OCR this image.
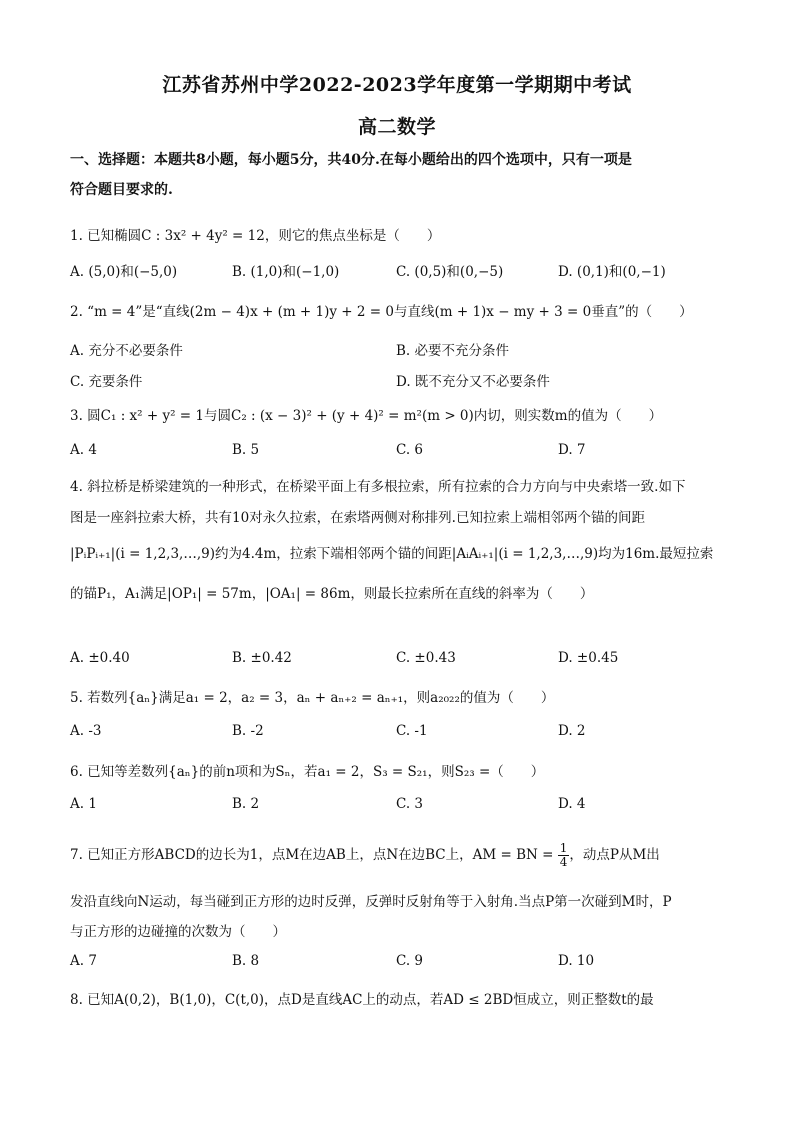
江苏省苏州中学2022-2023学年度第一学期期中考试
高二数学
一、选择题：本题共8小题，每小题5分，共40分.在每小题给出的四个选项中，只有一项是
符合题目要求的.
1. 已知椭圆C : 3x² + 4y² = 12，则它的焦点坐标是（　　）
A. (5,0)和(−5,0)	B. (1,0)和(−1,0)	C. (0,5)和(0,−5)	D. (0,1)和(0,−1)
2. “m = 4”是“直线(2m − 4)x + (m + 1)y + 2 = 0与直线(m + 1)x − my + 3 = 0垂直”的（　　）
A. 充分不必要条件	B. 必要不充分条件
C. 充要条件	D. 既不充分又不必要条件
3. 圆C₁ : x² + y² = 1与圆C₂ : (x − 3)² + (y + 4)² = m²(m > 0)内切，则实数m的值为（　　）
A. 4	B. 5	C. 6	D. 7
4. 斜拉桥是桥梁建筑的一种形式，在桥梁平面上有多根拉索，所有拉索的合力方向与中央索塔一致.如下
图是一座斜拉索大桥，共有10对永久拉索，在索塔两侧对称排列.已知拉索上端相邻两个锚的间距
|PᵢPᵢ₊₁|(i = 1,2,3,…,9)约为4.4m，拉索下端相邻两个锚的间距|AᵢAᵢ₊₁|(i = 1,2,3,…,9)均为16m.最短拉索
的锚P₁，A₁满足|OP₁| = 57m，|OA₁| = 86m，则最长拉索所在直线的斜率为（　　）
A. ±0.40	B. ±0.42	C. ±0.43	D. ±0.45
5. 若数列{aₙ}满足a₁ = 2，a₂ = 3，aₙ + aₙ₊₂ = aₙ₊₁，则a₂₀₂₂的值为（　　）
A. -3	B. -2	C. -1	D. 2
6. 已知等差数列{aₙ}的前n项和为Sₙ，若a₁ = 2，S₃ = S₂₁，则S₂₃ =（　　）
A. 1	B. 2	C. 3	D. 4
7. 已知正方形ABCD的边长为1，点M在边AB上，点N在边BC上，AM = BN = $\frac{1}{4}$ ，动点P从M出
发沿直线向N运动，每当碰到正方形的边时反弹，反弹时反射角等于入射角.当点P第一次碰到M时，P
与正方形的边碰撞的次数为（　　）
A. 7	B. 8	C. 9	D. 10
8. 已知A(0,2)，B(1,0)，C(t,0)，点D是直线AC上的动点，若AD ≤ 2BD恒成立，则正整数t的最
